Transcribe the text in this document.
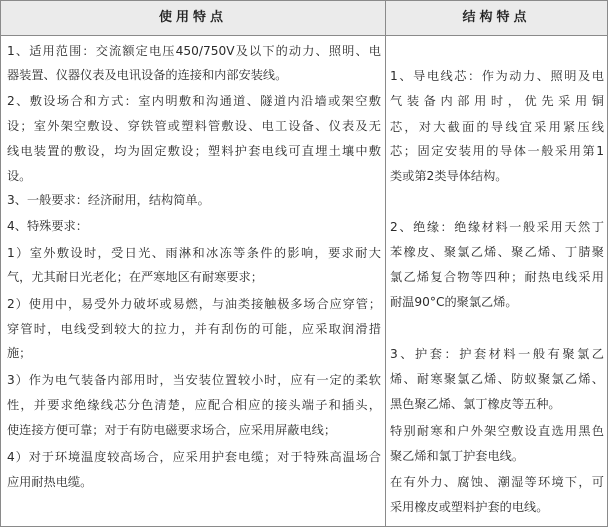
使用特点	结构特点
1、适用范围：交流额定电压450/750V及以下的动力、照明、电
器装置、仪器仪表及电讯设备的连接和内部安装线。
2、敷设场合和方式：室内明敷和沟通道、隧道内沿墙或架空敷
设；室外架空敷设、穿铁管或塑料管敷设、电工设备、仪表及无
线电装置的敷设，均为固定敷设；塑料护套电线可直埋土壤中敷
设。
3、一般要求：经济耐用，结构简单。
4、特殊要求：
1）室外敷设时，受日光、雨淋和冰冻等条件的影响，要求耐大
气，尤其耐日光老化；在严寒地区有耐寒要求；
2）使用中，易受外力破坏或易燃，与油类接触极多场合应穿管；
穿管时，电线受到较大的拉力，并有刮伤的可能，应采取润滑措
施；
3）作为电气装备内部用时，当安装位置较小时，应有一定的柔软
性，并要求绝缘线芯分色清楚，应配合相应的接头端子和插头，
使连接方便可靠；对于有防电磁要求场合，应采用屏蔽电线；
4）对于环境温度较高场合，应采用护套电缆；对于特殊高温场合
应用耐热电缆。
1、导电线芯：作为动力、照明及电
气装备内部用时，优先采用铜
芯，对大截面的导线宜采用紧压线
芯；固定安装用的导体一般采用第1
类或第2类导体结构。
2、绝缘：绝缘材料一般采用天然丁
苯橡皮、聚氯乙烯、聚乙烯、丁腈聚
氯乙烯复合物等四种；耐热电线采用
耐温90°C的聚氯乙烯。
3、护套：护套材料一般有聚氯乙
烯、耐寒聚氯乙烯、防蚁聚氯乙烯、
黑色聚乙烯、氯丁橡皮等五种。
特别耐寒和户外架空敷设直选用黑色
聚乙烯和氯丁护套电线。
在有外力、腐蚀、潮湿等环境下，可
采用橡皮或塑料护套的电线。
